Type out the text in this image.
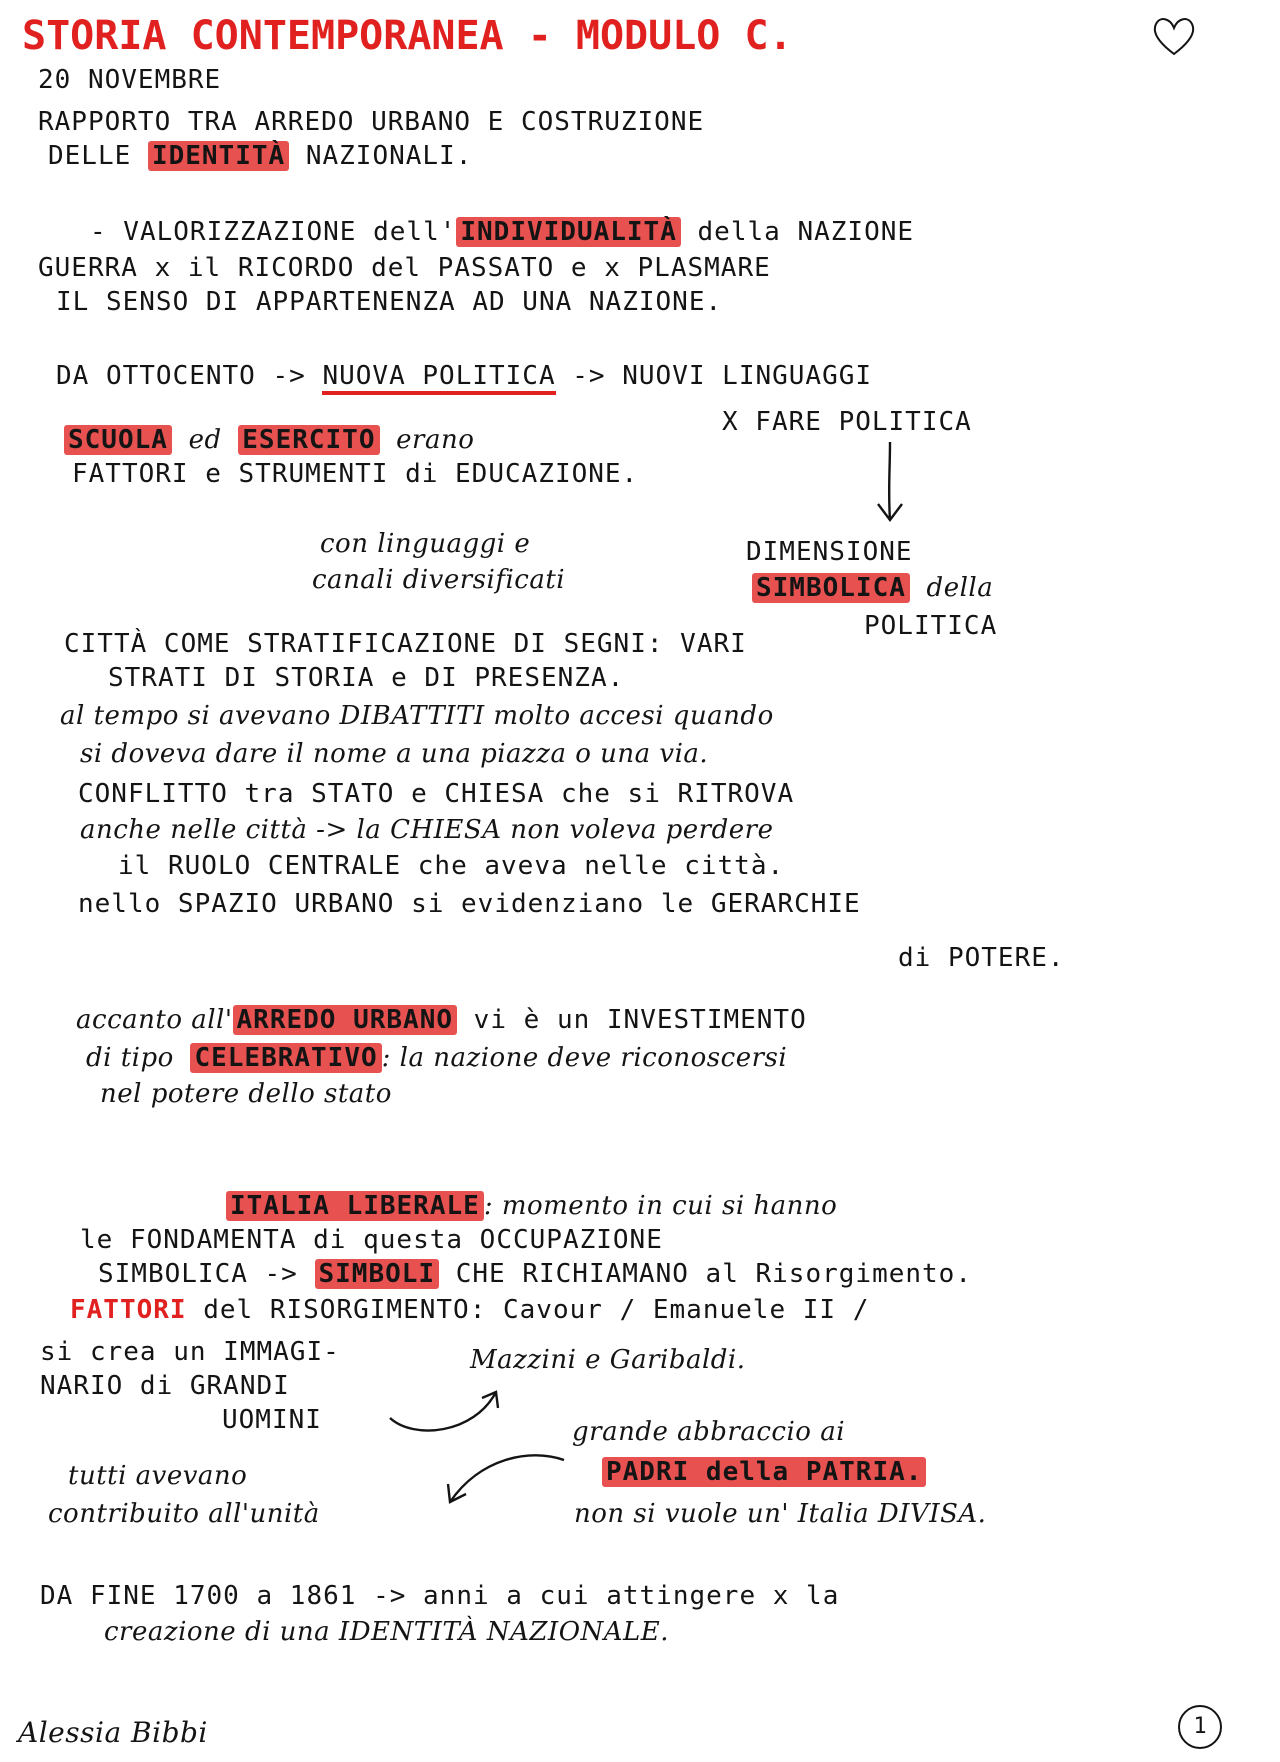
STORIA CONTEMPORANEA - MODULO C.
20 NOVEMBRE
RAPPORTO TRA ARREDO URBANO E COSTRUZIONE
DELLE IDENTITÀ NAZIONALI.
- VALORIZZAZIONE dell' INDIVIDUALITÀ della NAZIONE
GUERRA x il RICORDO del PASSATO e x PLASMARE
IL SENSO DI APPARTENENZA AD UNA NAZIONE.
DA OTTOCENTO -> NUOVA POLITICA -> NUOVI LINGUAGGI
X FARE POLITICA
SCUOLA ed ESERCITO erano
FATTORI e STRUMENTI di EDUCAZIONE.
con linguaggi e
canali diversificati
DIMENSIONE
SIMBOLICA della
POLITICA
CITTÀ COME STRATIFICAZIONE DI SEGNI: VARI
STRATI DI STORIA e DI PRESENZA.
al tempo si avevano DIBATTITI molto accesi quando
si doveva dare il nome a una piazza o una via.
CONFLITTO tra STATO e CHIESA che si RITROVA
anche nelle città -> la CHIESA non voleva perdere
il RUOLO CENTRALE che aveva nelle città.
nello SPAZIO URBANO si evidenziano le GERARCHIE
di POTERE.
accanto all' ARREDO URBANO vi è un INVESTIMENTO
di tipo CELEBRATIVO : la nazione deve riconoscersi
nel potere dello stato
ITALIA LIBERALE : momento in cui si hanno
le FONDAMENTA di questa OCCUPAZIONE
SIMBOLICA -> SIMBOLI CHE RICHIAMANO al Risorgimento.
FATTORI del RISORGIMENTO: Cavour / Emanuele II /
Mazzini e Garibaldi.
si crea un IMMAGI-
NARIO di GRANDI
UOMINI	grande abbraccio ai
PADRI della PATRIA.
non si vuole un' Italia DIVISA.
tutti avevano
contribuito all'unità
DA FINE 1700 a 1861 -> anni a cui attingere x la
creazione di una IDENTITÀ NAZIONALE.
Alessia Bibbi	1
